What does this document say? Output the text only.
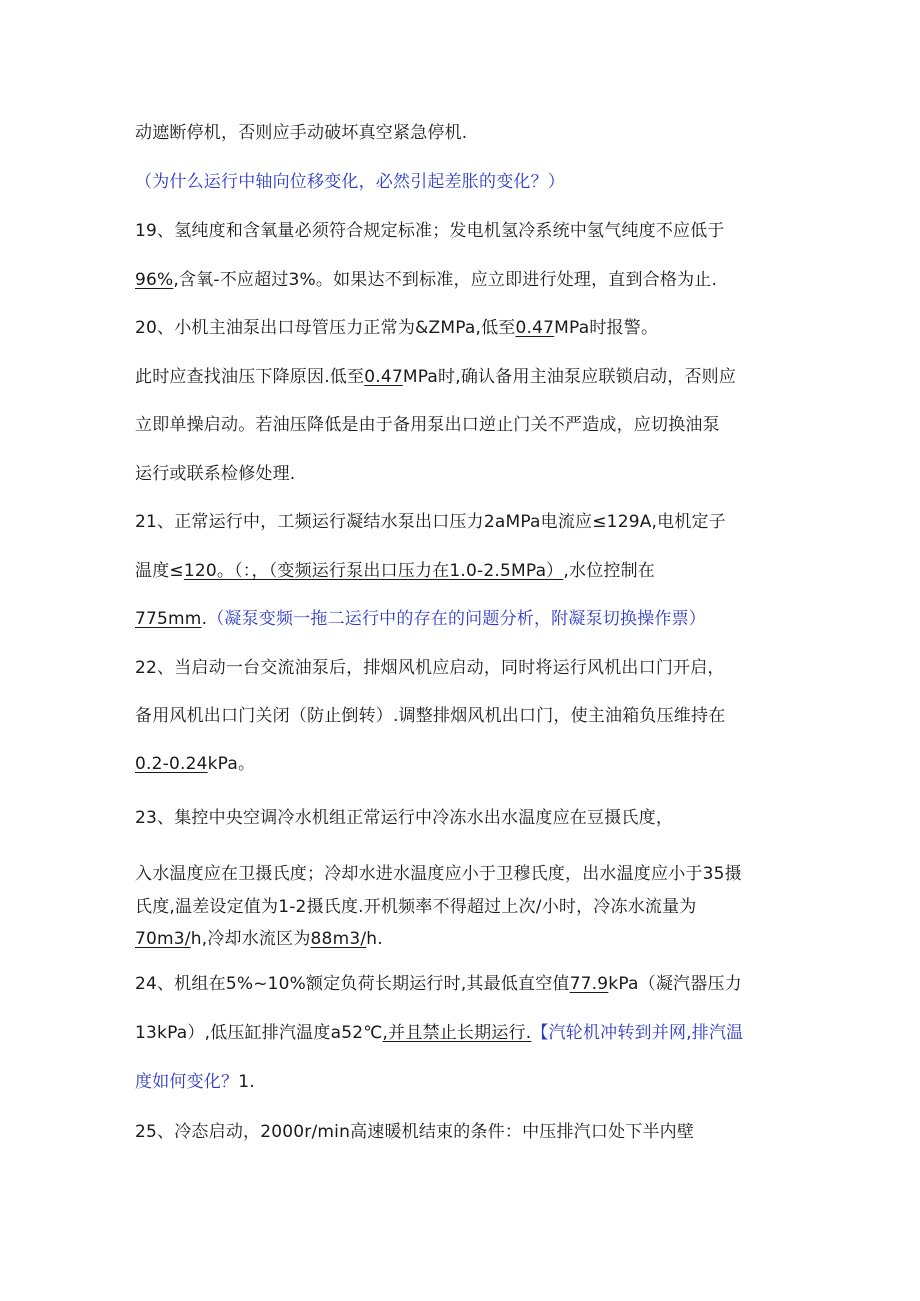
动遮断停机，否则应手动破坏真空紧急停机.
（为什么运行中轴向位移变化，必然引起差胀的变化？）
19、氢纯度和含氧量必须符合规定标准；发电机氢冷系统中氢气纯度不应低于
96%,含氧-不应超过3%。如果达不到标准，应立即进行处理，直到合格为止.
20、小机主油泵出口母管压力正常为&ZMPa,低至0.47MPa时报警。
此时应查找油压下降原因.低至0.47MPa时,确认备用主油泵应联锁启动，否则应
立即单操启动。若油压降低是由于备用泵出口逆止门关不严造成，应切换油泵
运行或联系检修处理.
21、正常运行中，工频运行凝结水泵出口压力2aMPa电流应≤129A,电机定子
温度≤120。（：，（变频运行泵出口压力在1.0-2.5MPa）,水位控制在
775mm.（凝泵变频一拖二运行中的存在的问题分析，附凝泵切换操作票）
22、当启动一台交流油泵后，排烟风机应启动，同时将运行风机出口门开启，
备用风机出口门关闭（防止倒转）.调整排烟风机出口门，使主油箱负压维持在
0.2-0.24kPa。
23、集控中央空调冷水机组正常运行中冷冻水出水温度应在豆摄氏度，
入水温度应在卫摄氏度；冷却水进水温度应小于卫穆氏度，出水温度应小于35摄
氏度,温差设定值为1-2摄氏度.开机频率不得超过上次/小时，冷冻水流量为
70m3∕h,冷却水流区为88m3∕h.
24、机组在5%~10%额定负荷长期运行时,其最低直空值77.9kPa（凝汽器压力
13kPa）,低压缸排汽温度a52℃,并且禁止长期运行.【汽轮机冲转到并网,排汽温
度如何变化？1.
25、冷态启动，2000r∕min高速暖机结束的条件：中压排汽口处下半内壁
